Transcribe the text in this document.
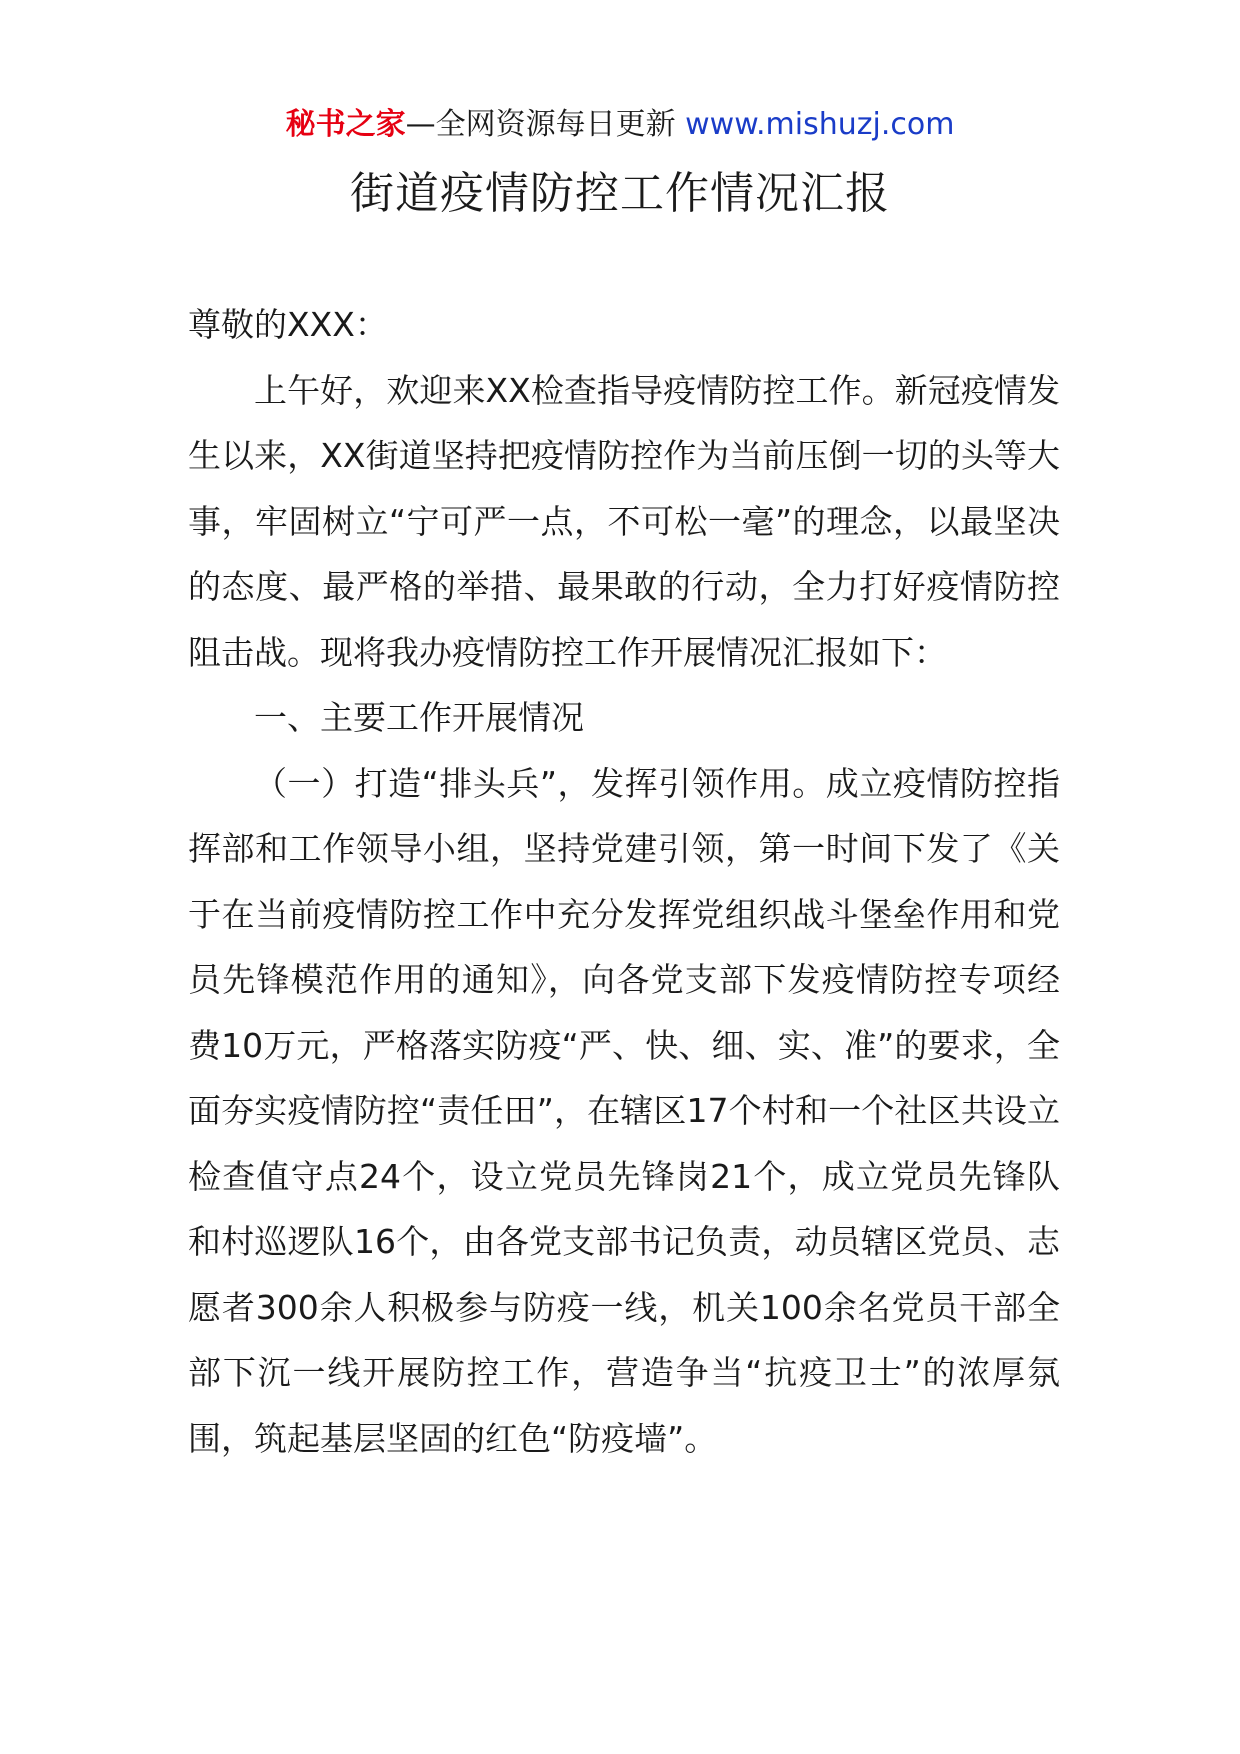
秘书之家—全网资源每日更新 www.mishuzj.com
街道疫情防控工作情况汇报

尊敬的XXX：

上午好，欢迎来XX检查指导疫情防控工作。新冠疫情发生以来，XX街道坚持把疫情防控作为当前压倒一切的头等大事，牢固树立“宁可严一点，不可松一毫”的理念，以最坚决的态度、最严格的举措、最果敢的行动，全力打好疫情防控阻击战。现将我办疫情防控工作开展情况汇报如下：

一、主要工作开展情况

（一）打造“排头兵”，发挥引领作用。成立疫情防控指挥部和工作领导小组，坚持党建引领，第一时间下发了《关于在当前疫情防控工作中充分发挥党组织战斗堡垒作用和党员先锋模范作用的通知》，向各党支部下发疫情防控专项经费10万元，严格落实防疫“严、快、细、实、准”的要求，全面夯实疫情防控“责任田”，在辖区17个村和一个社区共设立检查值守点24个，设立党员先锋岗21个，成立党员先锋队和村巡逻队16个，由各党支部书记负责，动员辖区党员、志愿者300余人积极参与防疫一线，机关100余名党员干部全部下沉一线开展防控工作，营造争当“抗疫卫士”的浓厚氛围，筑起基层坚固的红色“防疫墙”。
